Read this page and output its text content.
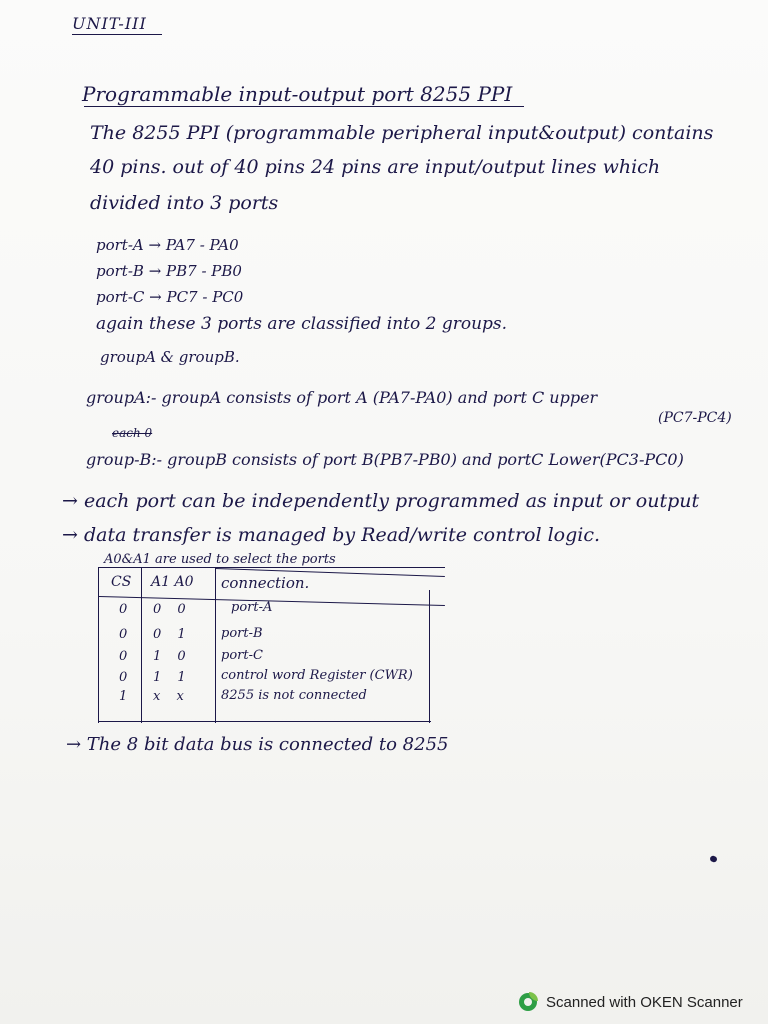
UNIT-III
Programmable input-output port 8255 PPI
The 8255 PPI (programmable peripheral input&output) contains
40 pins. out of 40 pins 24 pins are input/output lines which
divided into 3 ports
port-A → PA7 - PA0
port-B → PB7 - PB0
port-C → PC7 - PC0
again these 3 ports are classified into 2 groups.
groupA & groupB.
groupA:- groupA consists of port A (PA7-PA0) and port C upper
(PC7-PC4)
each 0
group-B:- groupB consists of port B(PB7-PB0) and portC Lower(PC3-PC0)
→ each port can be independently programmed as input or output
→ data transfer is managed by Read/write control logic.
A0&A1 are used to select the ports
CS A1 A0 connection.
0 0 0	port-A
0 0 1 port-B
0 1 0 port-C
0 1 1 control word Register (CWR)
1 x x 8255 is not connected
→ The 8 bit data bus is connected to 8255
Scanned with OKEN Scanner
